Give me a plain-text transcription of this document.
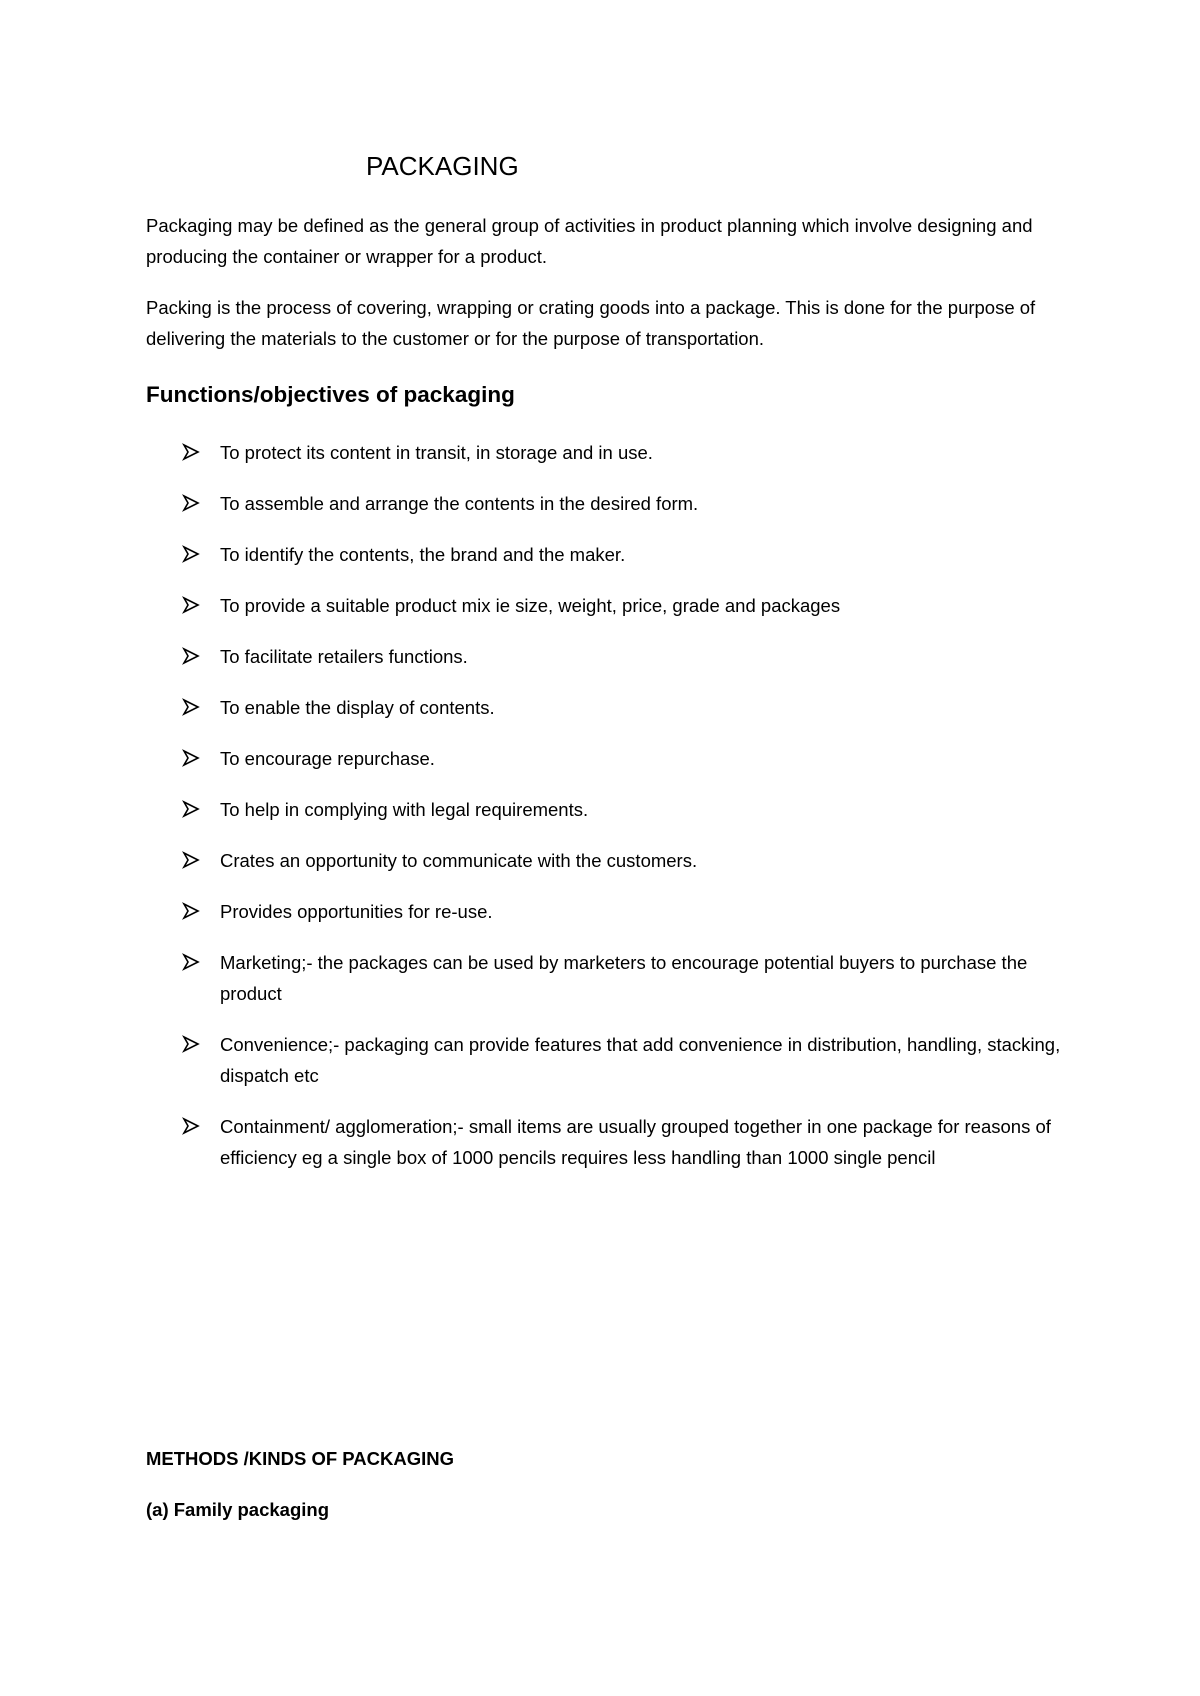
PACKAGING

Packaging may be defined as the general group of activities in product planning which involve designing and producing the container or wrapper for a product.

Packing is the process of covering, wrapping or crating goods into a package. This is done for the purpose of delivering the materials to the customer or for the purpose of transportation.

Functions/objectives of packaging
To protect its content in transit, in storage and in use.
To assemble and arrange the contents in the desired form.
To identify the contents, the brand and the maker.
To provide a suitable product mix ie size, weight, price, grade and packages
To facilitate retailers functions.
To enable the display of contents.
To encourage repurchase.
To help in complying with legal requirements.
Crates an opportunity to communicate with the customers.
Provides opportunities for re-use.
Marketing;- the packages can be used by marketers to encourage potential buyers to purchase the product
Convenience;- packaging can provide features that add convenience in distribution, handling, stacking, dispatch etc
Containment/ agglomeration;- small items are usually grouped together in one package for reasons of efficiency eg a single box of 1000 pencils requires less handling than 1000 single pencil
METHODS /KINDS OF PACKAGING
(a) Family packaging
